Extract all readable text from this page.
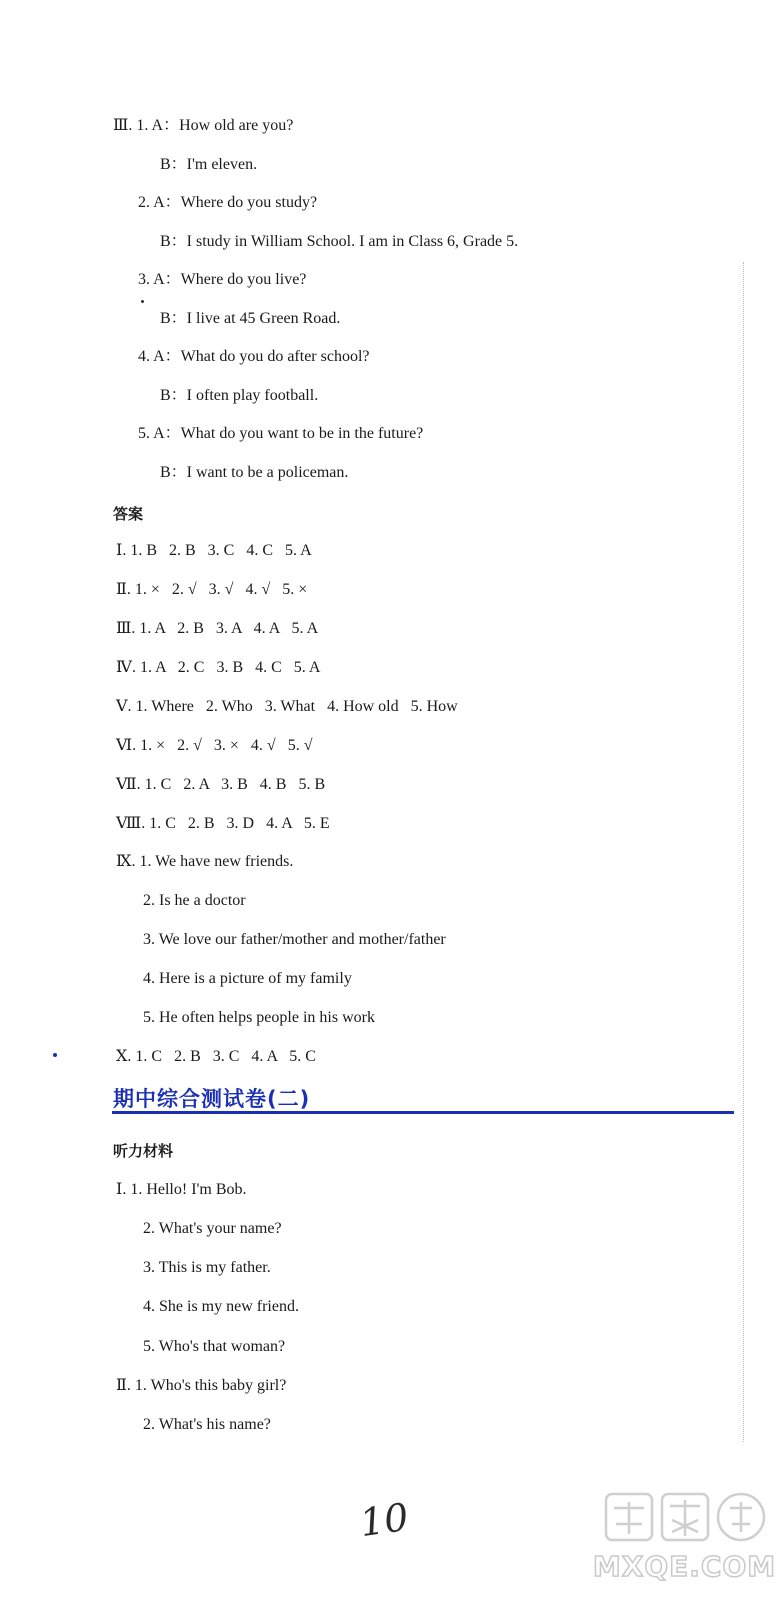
Ⅲ. 1. A：How old are you?
B：I'm eleven.
2. A：Where do you study?
B：I study in William School. I am in Class 6, Grade 5.
3. A：Where do you live?
B：I live at 45 Green Road.
4. A：What do you do after school?
B：I often play football.
5. A：What do you want to be in the future?
B：I want to be a policeman.
答案
Ⅰ. 1. B   2. B   3. C   4. C   5. A
Ⅱ. 1. ×   2. √   3. √   4. √   5. ×
Ⅲ. 1. A   2. B   3. A   4. A   5. A
Ⅳ. 1. A   2. C   3. B   4. C   5. A
Ⅴ. 1. Where   2. Who   3. What   4. How old   5. How
Ⅵ. 1. ×   2. √   3. ×   4. √   5. √
Ⅶ. 1. C   2. A   3. B   4. B   5. B
Ⅷ. 1. C   2. B   3. D   4. A   5. E
Ⅸ. 1. We have new friends.
2. Is he a doctor
3. We love our father/mother and mother/father
4. Here is a picture of my family
5. He often helps people in his work
Ⅹ. 1. C   2. B   3. C   4. A   5. C
期中综合测试卷(二)
听力材料
Ⅰ. 1. Hello! I'm Bob.
2. What's your name?
3. This is my father.
4. She is my new friend.
5. Who's that woman?
Ⅱ. 1. Who's this baby girl?
2. What's his name?
10
MXQE.COM
